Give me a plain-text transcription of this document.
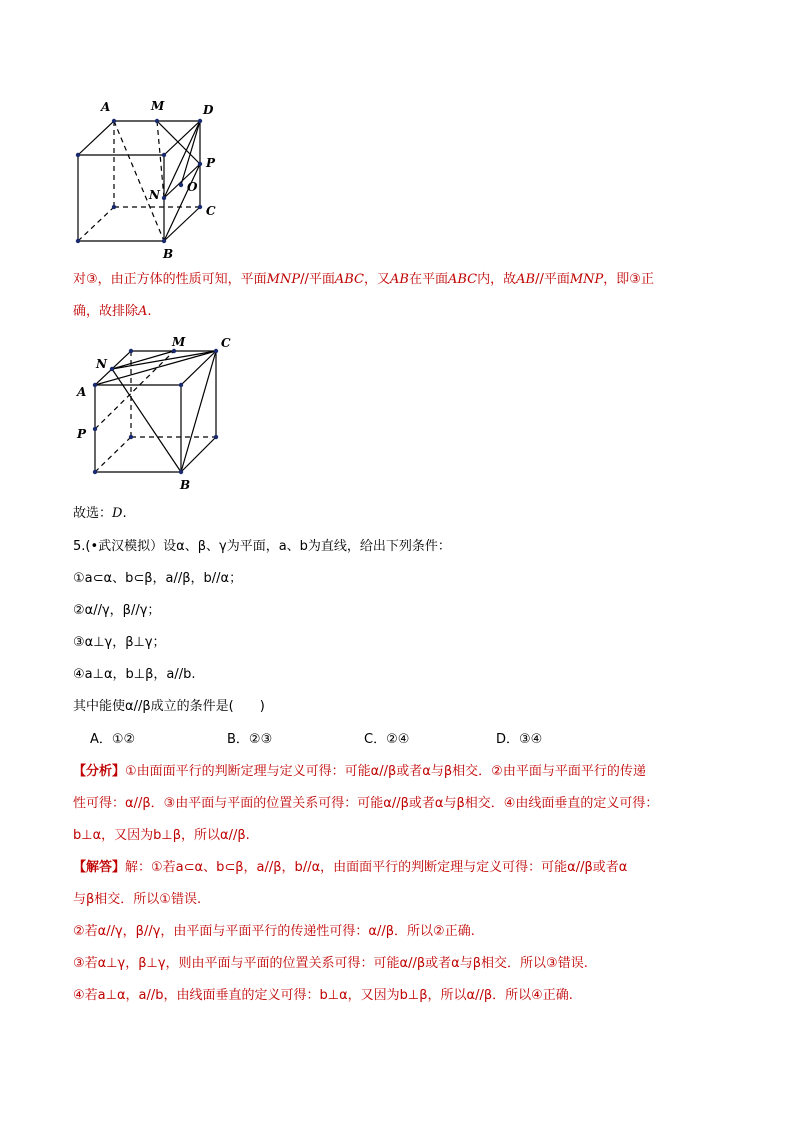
A	M	D
P
O
N
C
B
对③，由正方体的性质可知，平面MNP//平面ABC，又AB在平面ABC内，故AB//平面MNP，即③正
确，故排除A.
M	C
N
A
P
B
故选：D.
5.(•武汉模拟）设α、β、γ为平面，a、b为直线，给出下列条件：
①a⊂α、b⊂β，a//β，b//α；
②α//γ，β//γ；
③α⊥γ，β⊥γ；
④a⊥α，b⊥β，a//b.
其中能使α//β成立的条件是(　　)
A．①②	B．②③	C．②④	D．③④
【分析】①由面面平行的判断定理与定义可得：可能α//β或者α与β相交．②由平面与平面平行的传递
性可得：α//β．③由平面与平面的位置关系可得：可能α//β或者α与β相交．④由线面垂直的定义可得：
b⊥α，又因为b⊥β，所以α//β.
【解答】解：①若a⊂α、b⊂β，a//β，b//α，由面面平行的判断定理与定义可得：可能α//β或者α
与β相交．所以①错误.
②若α//γ，β//γ，由平面与平面平行的传递性可得：α//β．所以②正确.
③若α⊥γ，β⊥γ，则由平面与平面的位置关系可得：可能α//β或者α与β相交．所以③错误.
④若a⊥α，a//b，由线面垂直的定义可得：b⊥α，又因为b⊥β，所以α//β．所以④正确.
